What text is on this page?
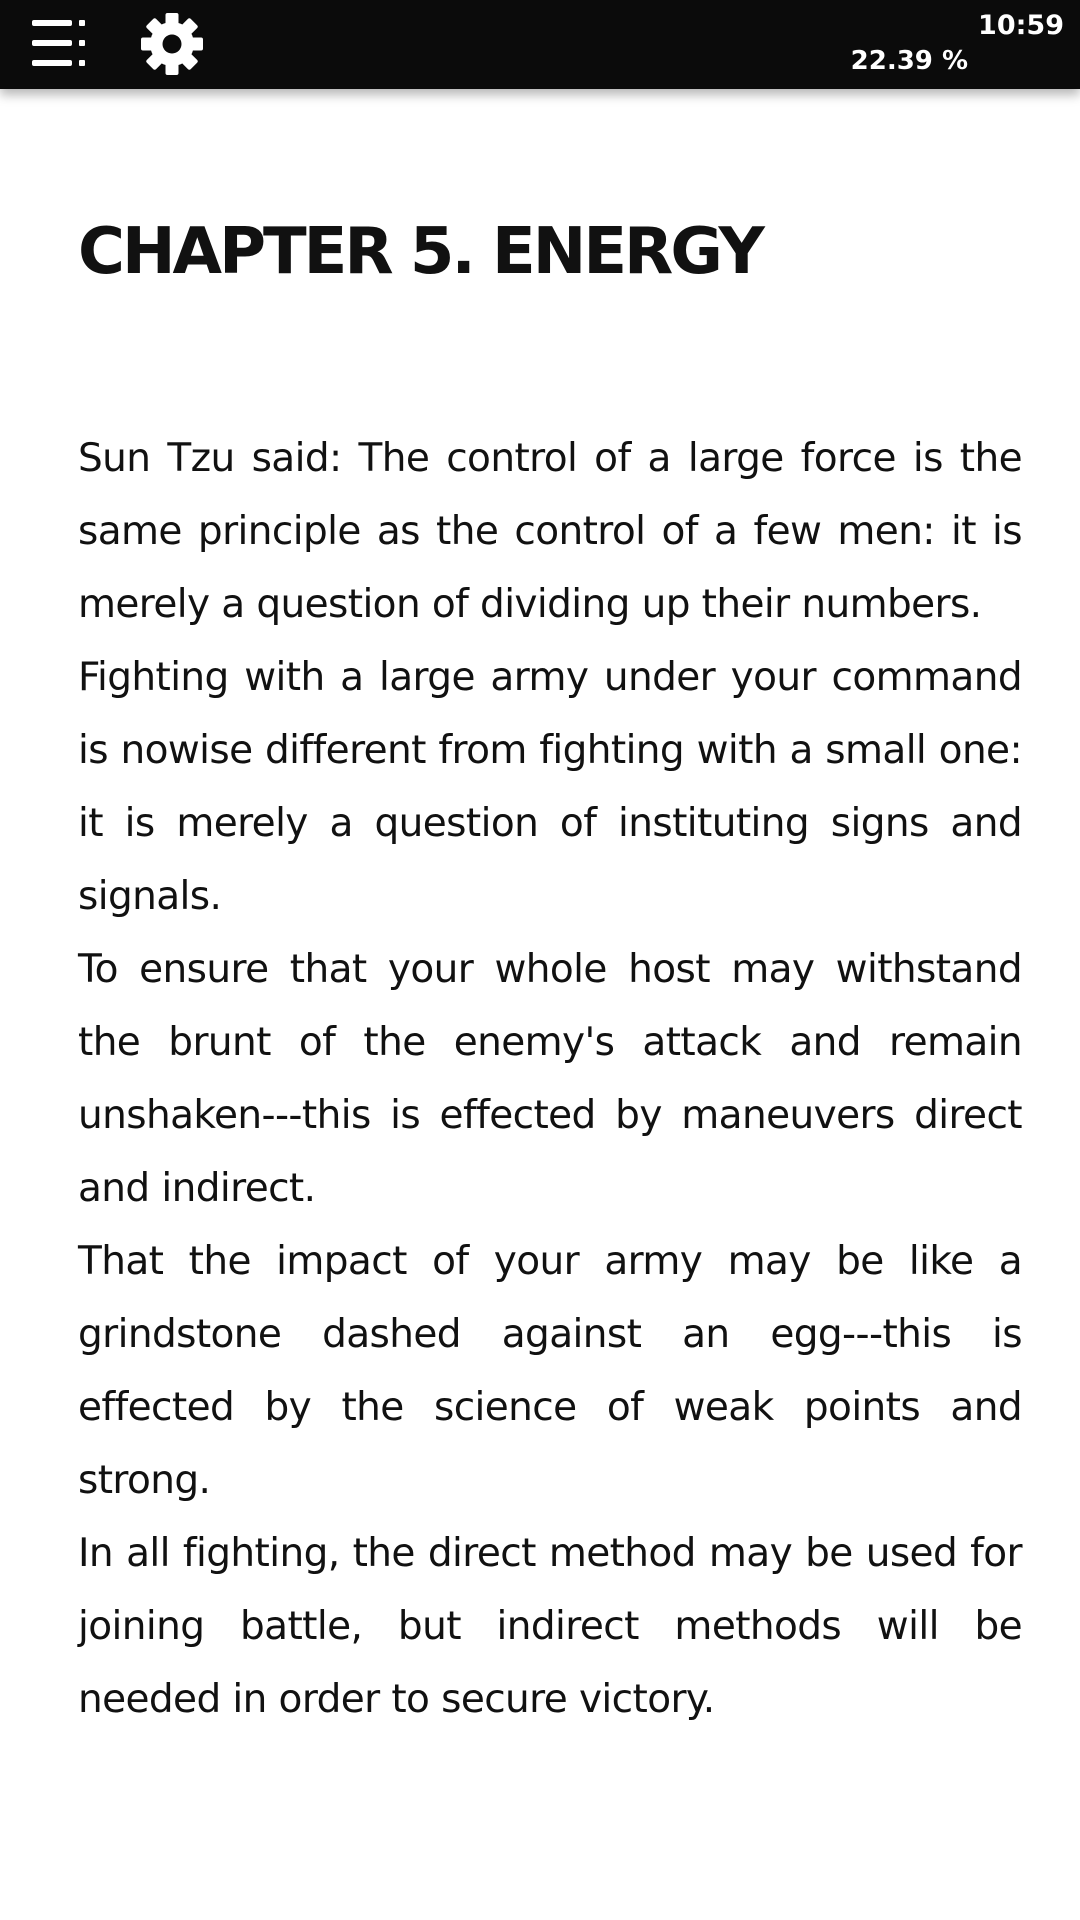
22.39 %
10:59
CHAPTER 5. ENERGY

Sun Tzu said: The control of a large force is the same principle as the control of a few men: it is merely a question of dividing up their numbers.

Fighting with a large army under your command is nowise different from fighting with a small one: it is merely a question of instituting signs and signals.

To ensure that your whole host may withstand the brunt of the enemy's attack and remain unshaken---this is effected by maneuvers direct and indirect.

That the impact of your army may be like a grindstone dashed against an egg---this is effected by the science of weak points and strong.

In all fighting, the direct method may be used for joining battle, but indirect methods will be needed in order to secure victory.
